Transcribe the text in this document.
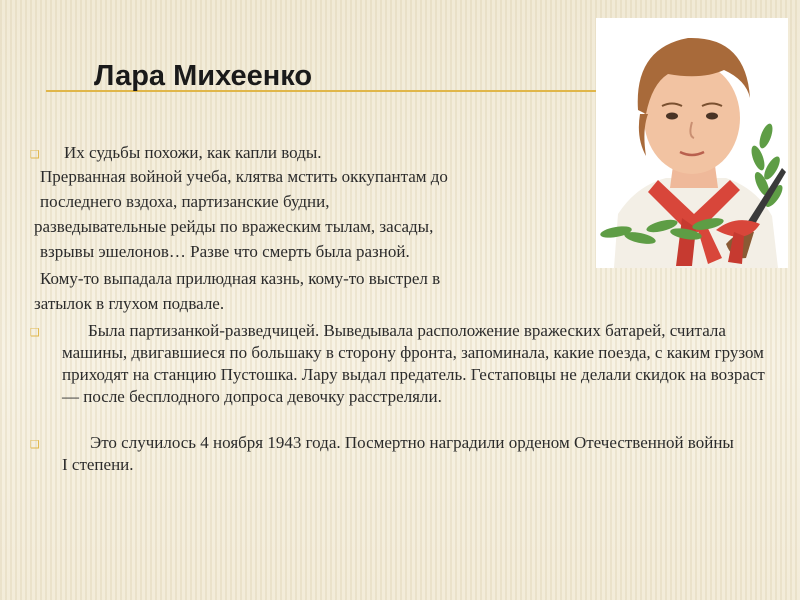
Лара Михеенко
❑ Их судьбы похожи, как капли воды.
Прерванная войной учеба, клятва мстить оккупантам до
последнего вздоха, партизанские будни,
разведывательные рейды по вражеским тылам, засады,
взрывы эшелонов… Разве что смерть была разной.
Кому-то выпадала прилюдная казнь, кому-то выстрел в
затылок в глухом подвале.
❑	Была партизанкой-разведчицей. Выведывала расположение вражеских батарей, считала машины, двигавшиеся по большаку в сторону фронта, запоминала, какие поезда, с каким грузом приходят на станцию Пустошка. Лару выдал предатель. Гестаповцы не делали скидок на возраст — после бесплодного допроса девочку расстреляли.
❑	Это случилось 4 ноября 1943 года. Посмертно наградили орденом Отечественной войны I степени.
